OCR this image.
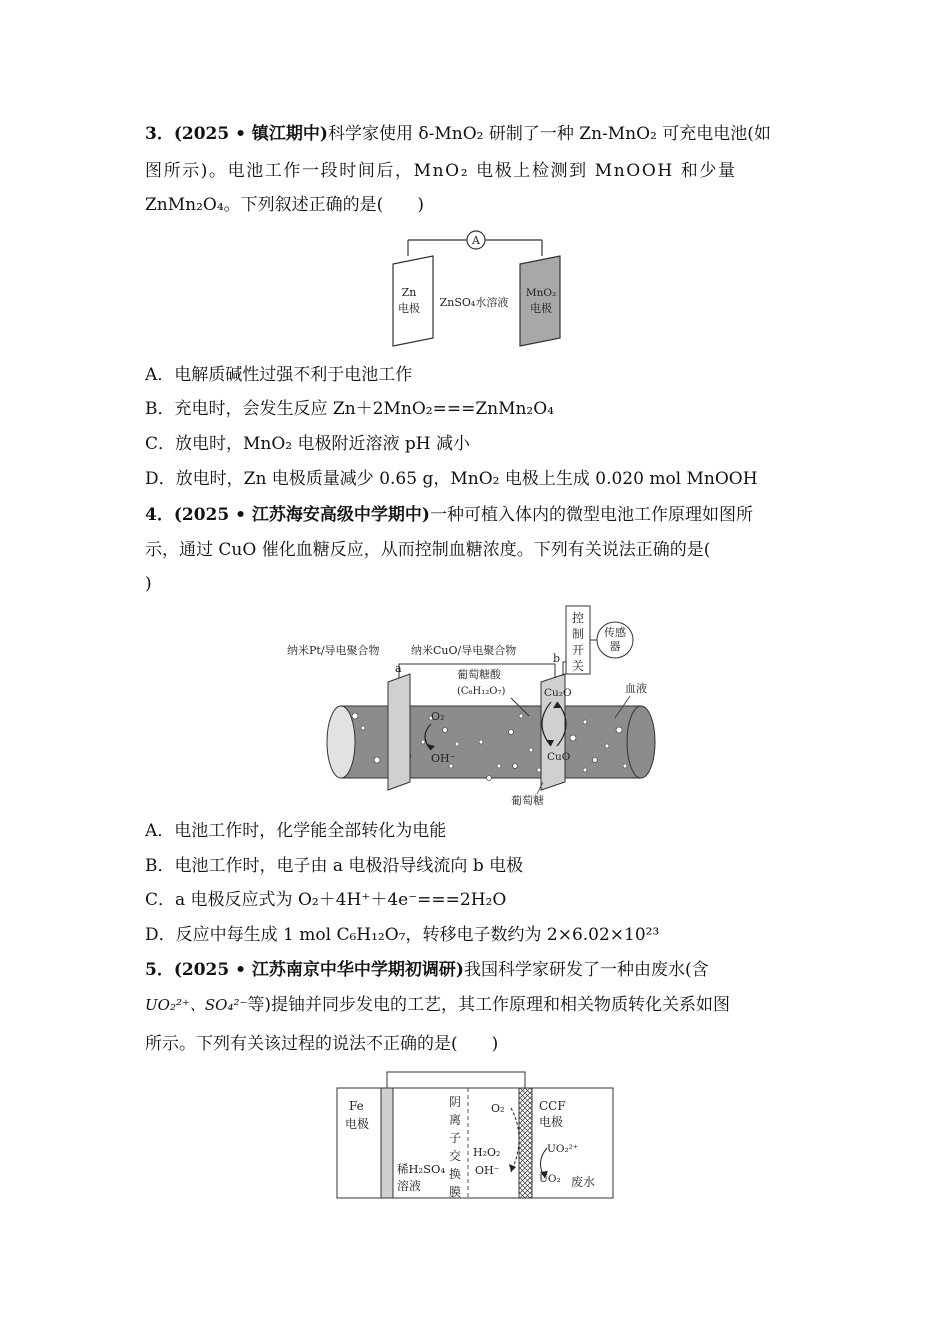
3．(2025 • 镇江期中)科学家使用 δ-MnO₂ 研制了一种 Zn-MnO₂ 可充电电池(如
图所示)。电池工作一段时间后，MnO₂ 电极上检测到 MnOOH 和少量
ZnMn₂O₄。下列叙述正确的是(　　)
A
Zn
电极 ZnSO₄水溶液
MnO₂
电极
A．电解质碱性过强不利于电池工作
B．充电时，会发生反应 Zn＋2MnO₂===ZnMn₂O₄
C．放电时，MnO₂ 电极附近溶液 pH 减小
D．放电时，Zn 电极质量减少 0.65 g，MnO₂ 电极上生成 0.020 mol MnOOH
4．(2025 • 江苏海安高级中学期中)一种可植入体内的微型电池工作原理如图所
示，通过 CuO 催化血糖反应，从而控制血糖浓度。下列有关说法正确的是(
)
控
制
开
关
传感
器
纳米Pt/导电聚合物
a
纳米CuO/导电聚合物
b
葡萄糖酸
(C₆H₁₂O₇)	血液
O₂
OH⁻
Cu₂O
CuO
葡萄糖
A．电池工作时，化学能全部转化为电能
B．电池工作时，电子由 a 电极沿导线流向 b 电极
C．a 电极反应式为 O₂＋4H⁺＋4e⁻===2H₂O
D．反应中每生成 1 mol C₆H₁₂O₇，转移电子数约为 2×6.02×10²³
5．(2025 • 江苏南京中华中学期初调研)我国科学家研发了一种由废水(含
UO₂²⁺、SO₄²⁻等)提铀并同步发电的工艺，其工作原理和相关物质转化关系如图
所示。下列有关该过程的说法不正确的是(　　)
Fe
电极
稀H₂SO₄
溶液
阴
离
子
交
换
膜
O₂
H₂O₂
OH⁻
CCF
电极
UO₂²⁺
UO₂ 废水
